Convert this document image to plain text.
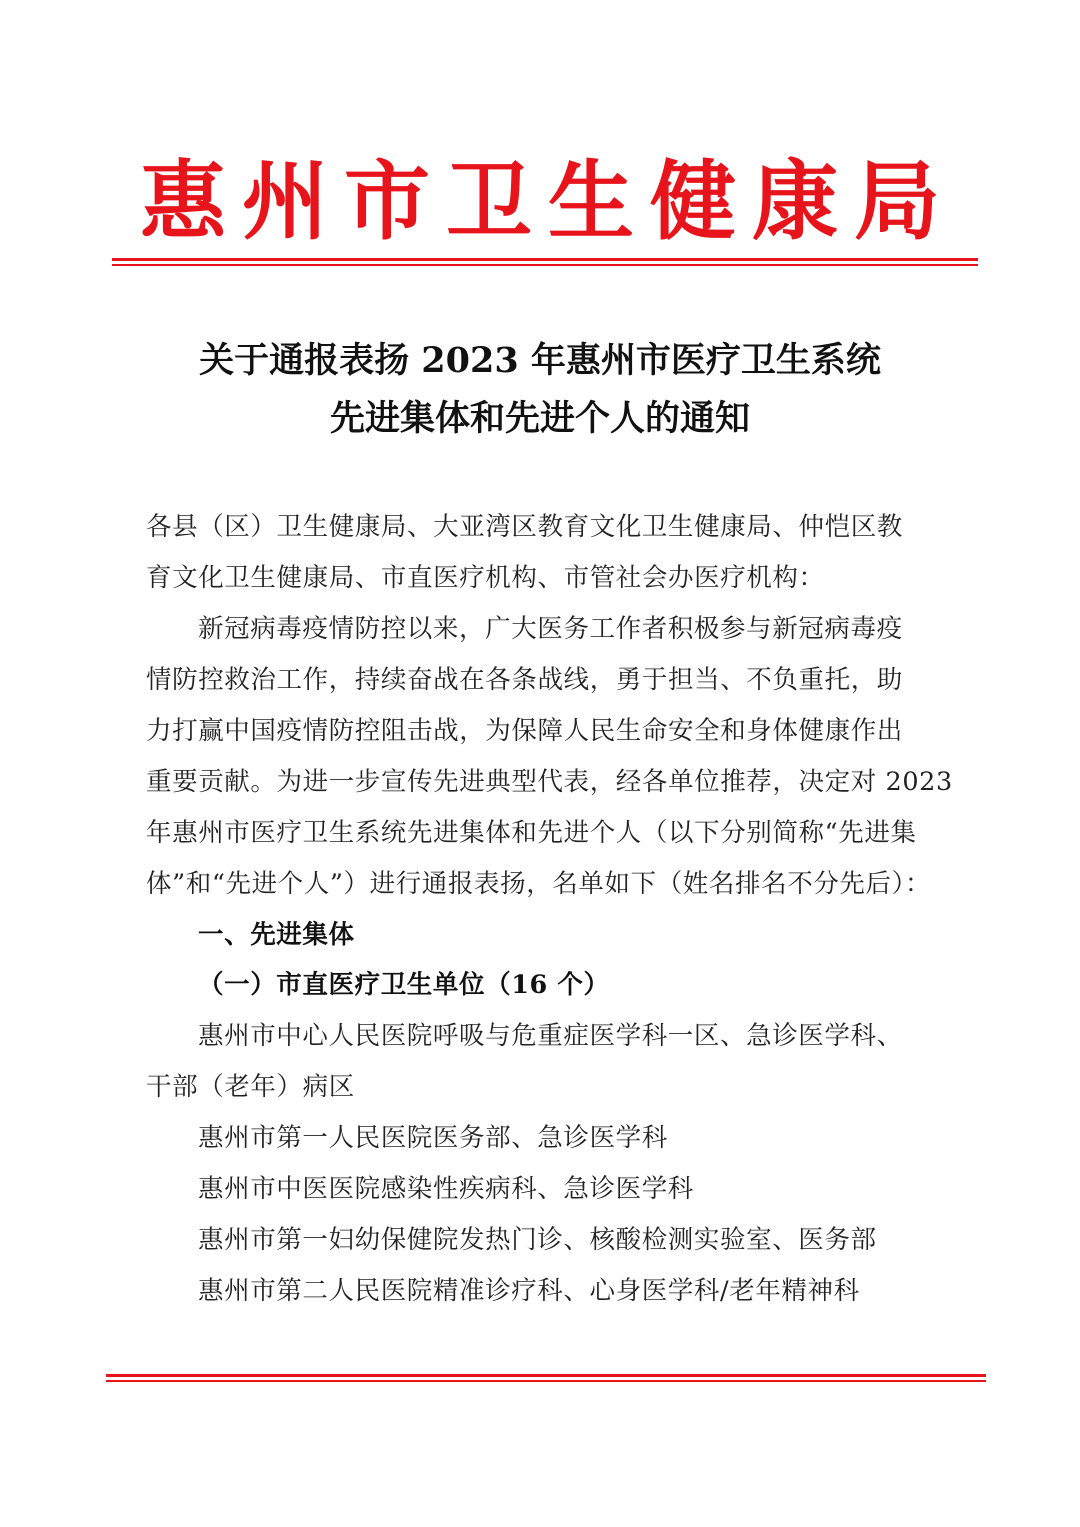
惠 州 市 卫 生 健 康 局
关于通报表扬 2023 年惠州市医疗卫生系统
先进集体和先进个人的通知
各县（区）卫生健康局、大亚湾区教育文化卫生健康局、仲恺区教
育文化卫生健康局、市直医疗机构、市管社会办医疗机构：
新冠病毒疫情防控以来，广大医务工作者积极参与新冠病毒疫
情防控救治工作，持续奋战在各条战线，勇于担当、不负重托，助
力打赢中国疫情防控阻击战，为保障人民生命安全和身体健康作出
重要贡献。为进一步宣传先进典型代表，经各单位推荐，决定对 2023
年惠州市医疗卫生系统先进集体和先进个人（以下分别简称“先进集
体”和“先进个人”）进行通报表扬，名单如下（姓名排名不分先后）：
一、先进集体
（一）市直医疗卫生单位（16 个）
惠州市中心人民医院呼吸与危重症医学科一区、急诊医学科、
干部（老年）病区
惠州市第一人民医院医务部、急诊医学科
惠州市中医医院感染性疾病科、急诊医学科
惠州市第一妇幼保健院发热门诊、核酸检测实验室、医务部
惠州市第二人民医院精准诊疗科、心身医学科/老年精神科
